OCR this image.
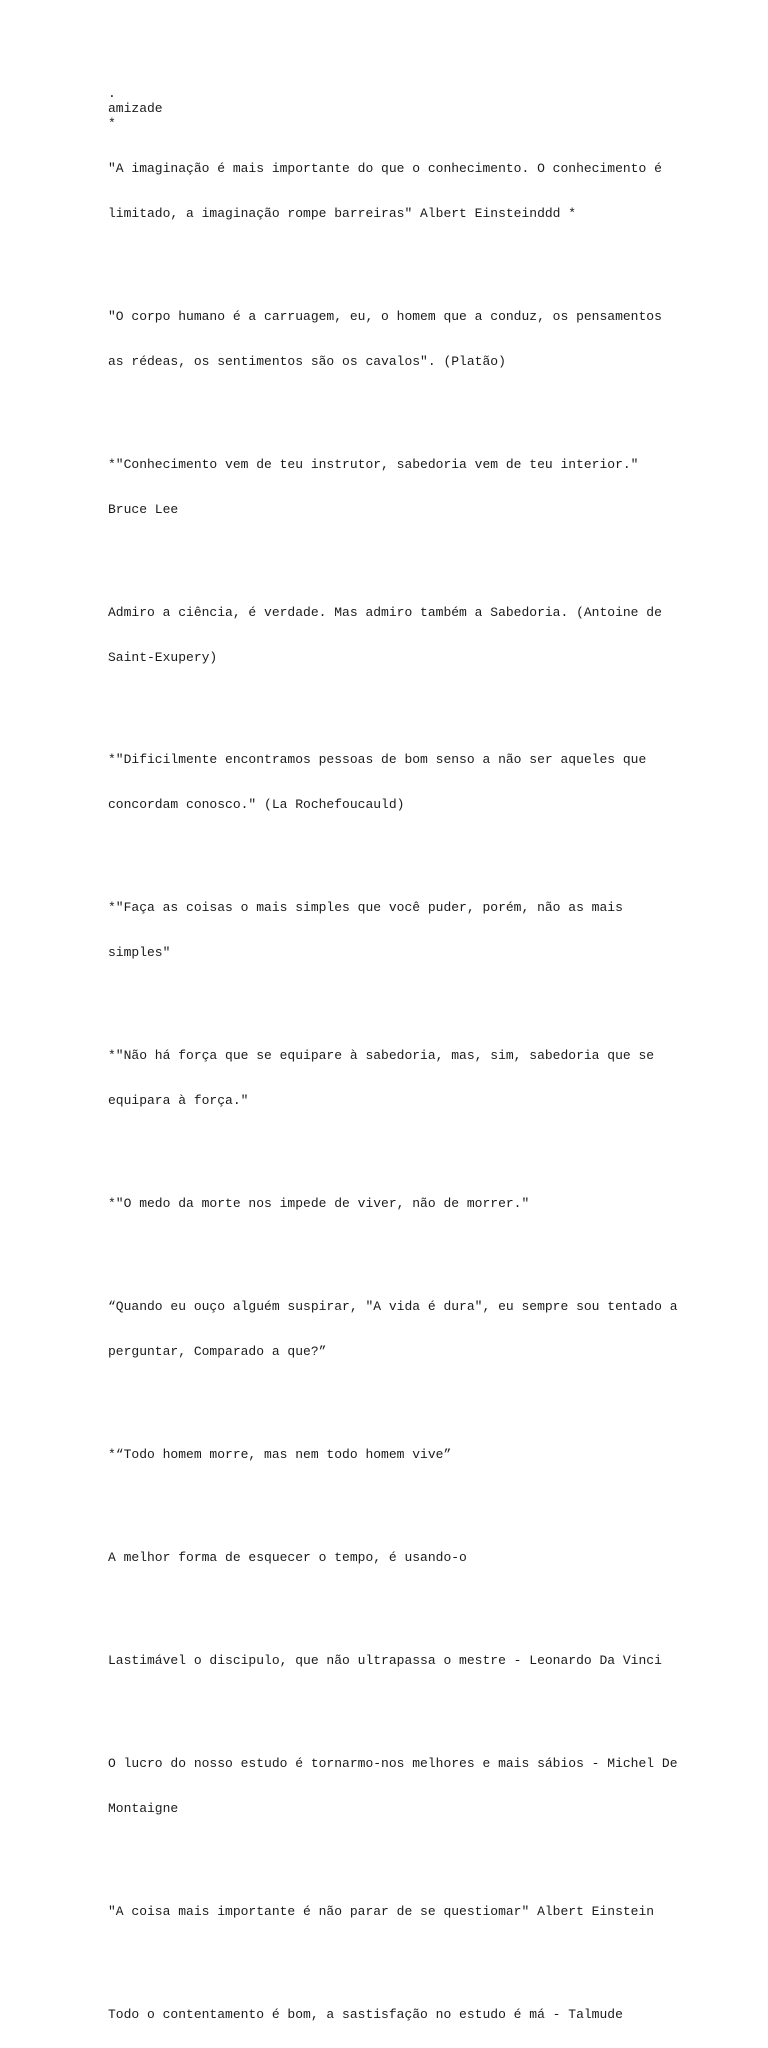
.
amizade
*

"A imaginação é mais importante do que o conhecimento. O conhecimento é

limitado, a imaginação rompe barreiras" Albert Einsteinddd *

"O corpo humano é a carruagem, eu, o homem que a conduz, os pensamentos

as rédeas, os sentimentos são os cavalos". (Platão)

*"Conhecimento vem de teu instrutor, sabedoria vem de teu interior."

Bruce Lee

Admiro a ciência, é verdade. Mas admiro também a Sabedoria. (Antoine de

Saint-Exupery)

*"Dificilmente encontramos pessoas de bom senso a não ser aqueles que

concordam conosco." (La Rochefoucauld)

*"Faça as coisas o mais simples que você puder, porém, não as mais

simples"

*"Não há força que se equipare à sabedoria, mas, sim, sabedoria que se

equipara à força."

*"O medo da morte nos impede de viver, não de morrer."

“Quando eu ouço alguém suspirar, "A vida é dura", eu sempre sou tentado a

perguntar, Comparado a que?”

*“Todo homem morre, mas nem todo homem vive”

A melhor forma de esquecer o tempo, é usando-o

Lastimável o discipulo, que não ultrapassa o mestre - Leonardo Da Vinci

O lucro do nosso estudo é tornarmo-nos melhores e mais sábios - Michel De

Montaigne

"A coisa mais importante é não parar de se questiomar" Albert Einstein

Todo o contentamento é bom, a sastisfação no estudo é má - Talmude
